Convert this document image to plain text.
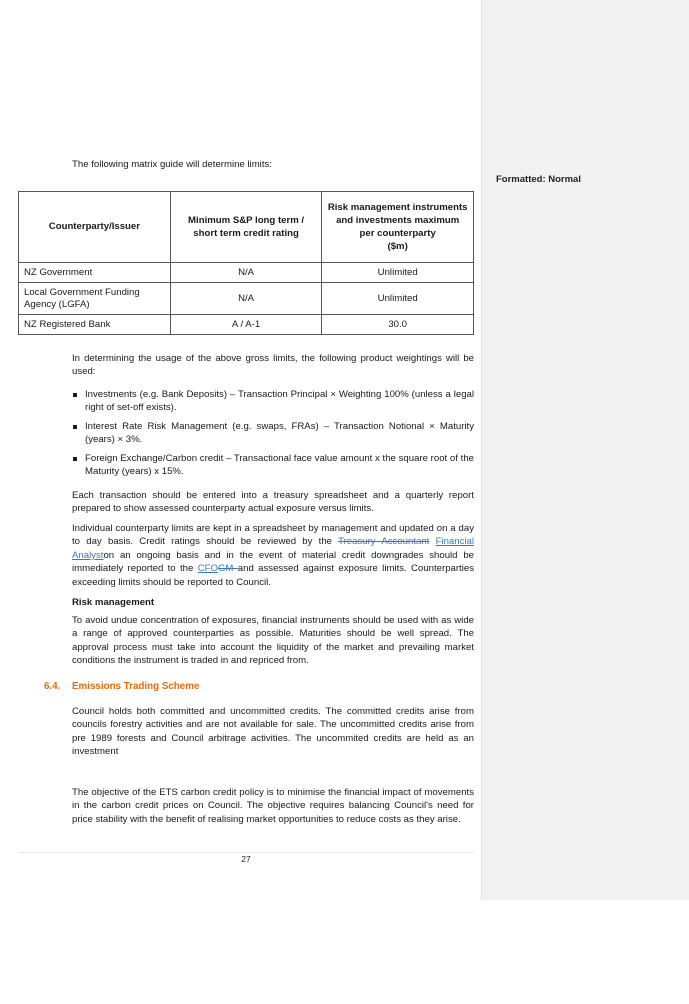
Formatted: Normal

The following matrix guide will determine limits:

Counterparty/Issuer	Minimum S&P long term / short term credit rating	Risk management instruments and investments maximum per counterparty
($m)
NZ Government	N/A	Unlimited
Local Government Funding Agency (LGFA)	N/A	Unlimited
NZ Registered Bank	A / A-1	30.0

In determining the usage of the above gross limits, the following product weightings will be used:

Investments (e.g. Bank Deposits) – Transaction Principal × Weighting 100% (unless a legal right of set-off exists).
Interest Rate Risk Management (e.g. swaps, FRAs) – Transaction Notional × Maturity (years) × 3%.
Foreign Exchange/Carbon credit – Transactional face value amount x the square root of the Maturity (years) x 15%.

Each transaction should be entered into a treasury spreadsheet and a quarterly report prepared to show assessed counterparty actual exposure versus limits.

Individual counterparty limits are kept in a spreadsheet by management and updated on a day to day basis. Credit ratings should be reviewed by the Treasury Accountant Financial Analyston an ongoing basis and in the event of material credit downgrades should be immediately reported to the CFOGM and assessed against exposure limits. Counterparties exceeding limits should be reported to Council.

Risk management

To avoid undue concentration of exposures, financial instruments should be used with as wide a range of approved counterparties as possible. Maturities should be well spread. The approval process must take into account the liquidity of the market and prevailing market conditions the instrument is traded in and repriced from.

6.4. Emissions Trading Scheme

Council holds both committed and uncommitted credits. The committed credits arise from councils forestry activities and are not available for sale. The uncommitted credits arise from pre 1989 forests and Council arbitrage activities. The uncommited credits are held as an investment

The objective of the ETS carbon credit policy is to minimise the financial impact of movements in the carbon credit prices on Council. The objective requires balancing Council's need for price stability with the benefit of realising market opportunities to reduce costs as they arise.

27
